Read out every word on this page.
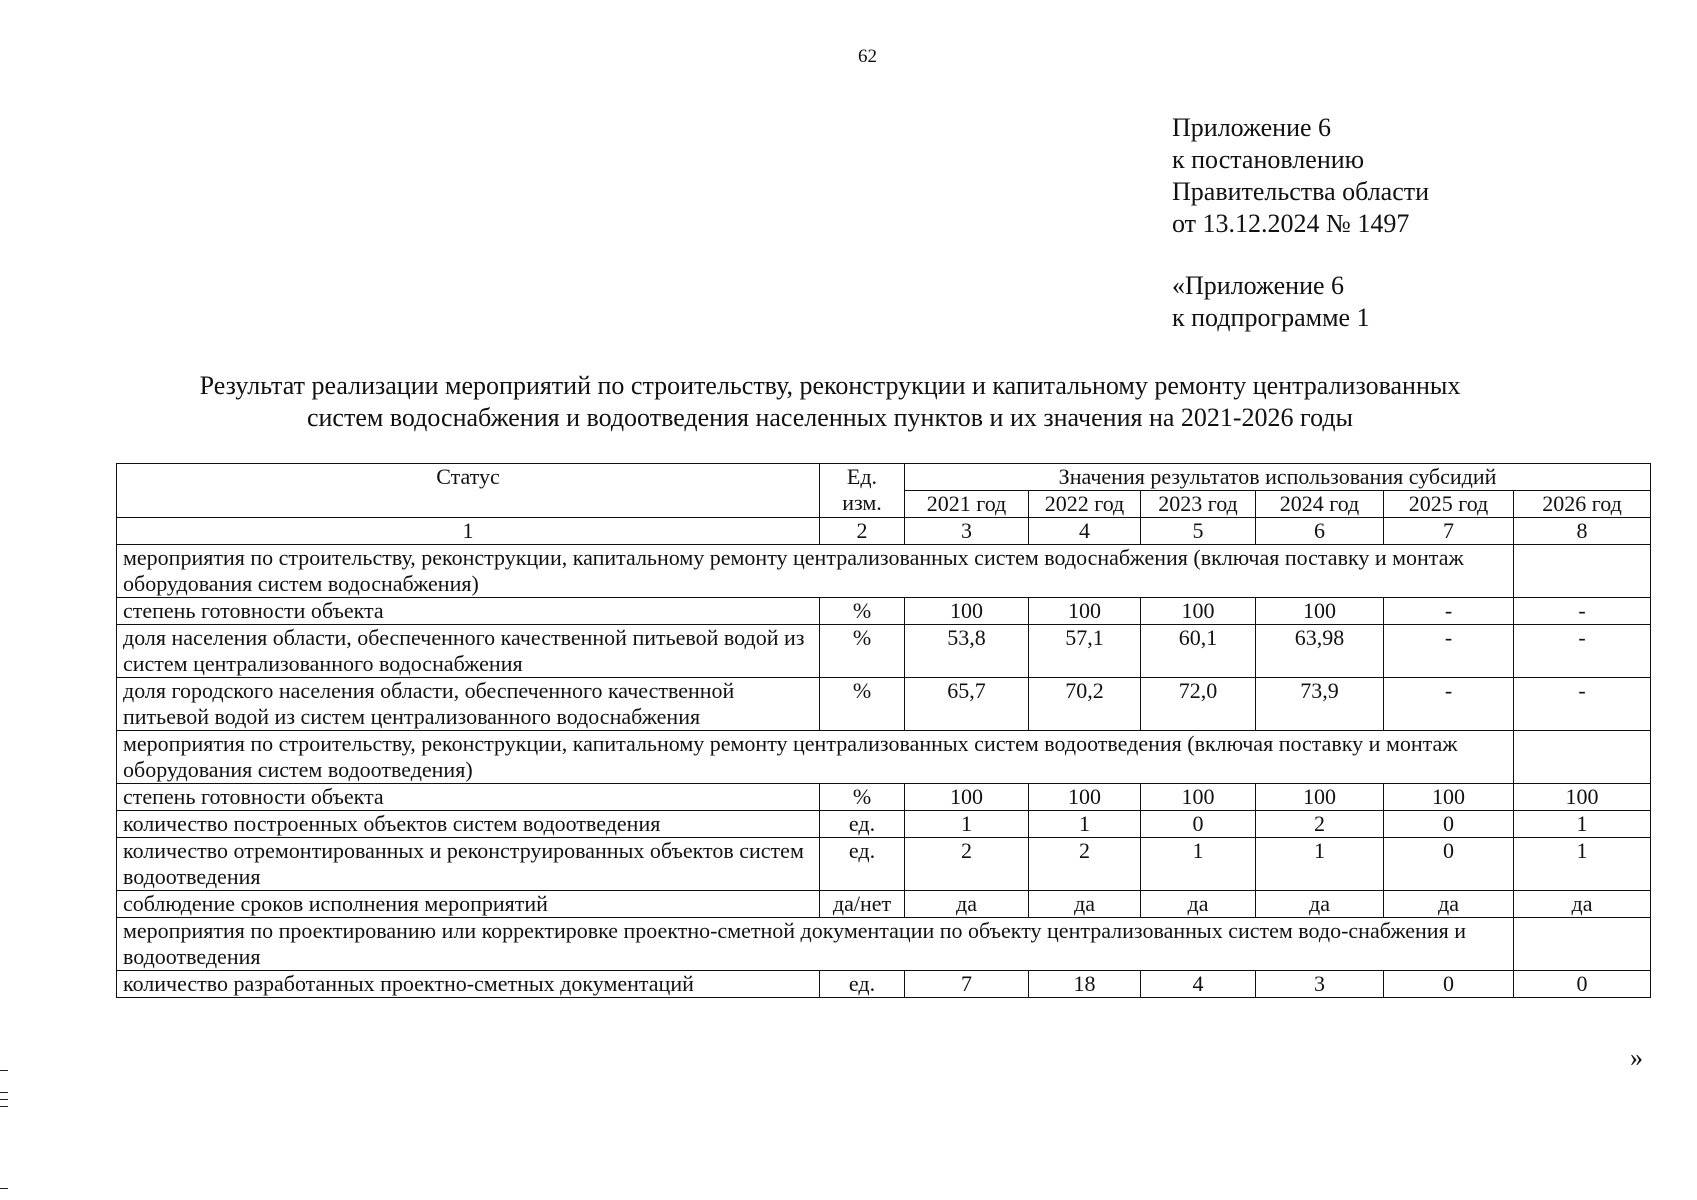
62
Приложение 6
к постановлению
Правительства области
от 13.12.2024 № 1497
«Приложение 6
к подпрограмме 1
Результат реализации мероприятий по строительству, реконструкции и капитальному ремонту централизованных
систем водоснабжения и водоотведения населенных пунктов и их значения на 2021-2026 годы
Статус	Ед. изм.	Значения результатов использования субсидий					
		2021 год	2022 год	2023 год	2024 год	2025 год	2026 год
1	2	3	4	5	6	7	8
мероприятия по строительству, реконструкции, капитальному ремонту централизованных систем водоснабжения (включая поставку и монтаж оборудования систем водоснабжения)							
степень готовности объекта	%	100	100	100	100	-	-
доля населения области, обеспеченного качественной питьевой водой из систем централизованного водоснабжения	%	53,8	57,1	60,1	63,98	-	-
доля городского населения области, обеспеченного качественной питьевой водой из систем централизованного водоснабжения	%	65,7	70,2	72,0	73,9	-	-
мероприятия по строительству, реконструкции, капитальному ремонту централизованных систем водоотведения (включая поставку и монтаж оборудования систем водоотведения)							
степень готовности объекта	%	100	100	100	100	100	100
количество построенных объектов систем водоотведения	ед.	1	1	0	2	0	1
количество отремонтированных и реконструированных объектов систем водоотведения	ед.	2	2	1	1	0	1
соблюдение сроков исполнения мероприятий	да/нет	да	да	да	да	да	да
мероприятия по проектированию или корректировке проектно-сметной документации по объекту централизованных систем водо-снабжения и водоотведения							
количество разработанных проектно-сметных документаций	ед.	7	18	4	3	0	0
»
